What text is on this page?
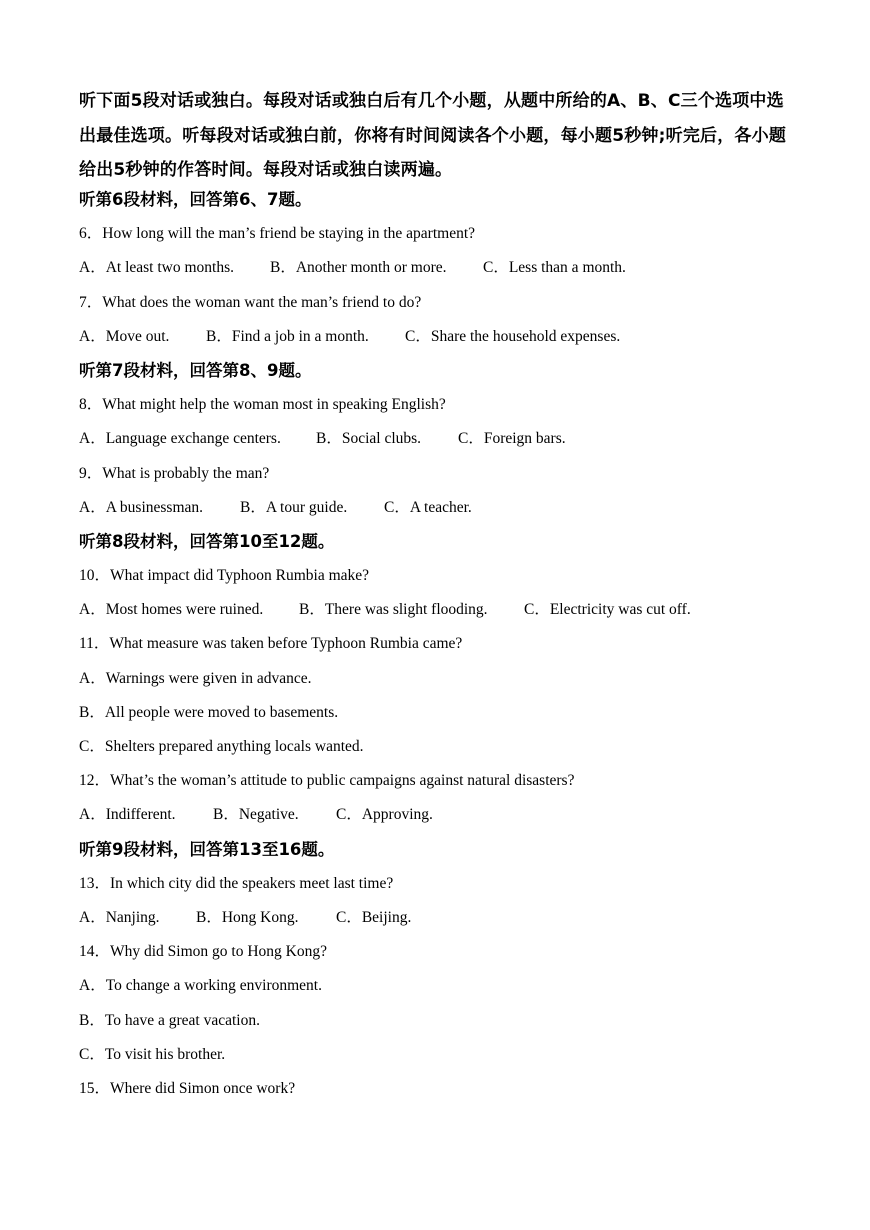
听下面5段对话或独白。每段对话或独白后有几个小题，从题中所给的A、B、C三个选项中选出最佳选项。听每段对话或独白前，你将有时间阅读各个小题，每小题5秒钟;听完后，各小题给出5秒钟的作答时间。每段对话或独白读两遍。

听第6段材料，回答第6、7题。
6．How long will the man’s friend be staying in the apartment?
A．At least two months. B．Another month or more. C．Less than a month.
7．What does the woman want the man’s friend to do?
A．Move out. B．Find a job in a month. C．Share the household expenses.
听第7段材料，回答第8、9题。
8．What might help the woman most in speaking English?
A．Language exchange centers. B．Social clubs. C．Foreign bars.
9．What is probably the man?
A．A businessman. B．A tour guide. C．A teacher.
听第8段材料，回答第10至12题。
10．What impact did Typhoon Rumbia make?
A．Most homes were ruined. B．There was slight flooding. C．Electricity was cut off.
11．What measure was taken before Typhoon Rumbia came?
A．Warnings were given in advance.
B．All people were moved to basements.
C．Shelters prepared anything locals wanted.
12．What’s the woman’s attitude to public campaigns against natural disasters?
A．Indifferent. B．Negative. C．Approving.
听第9段材料，回答第13至16题。
13．In which city did the speakers meet last time?
A．Nanjing. B．Hong Kong. C．Beijing.
14．Why did Simon go to Hong Kong?
A．To change a working environment.
B．To have a great vacation.
C．To visit his brother.
15．Where did Simon once work?
